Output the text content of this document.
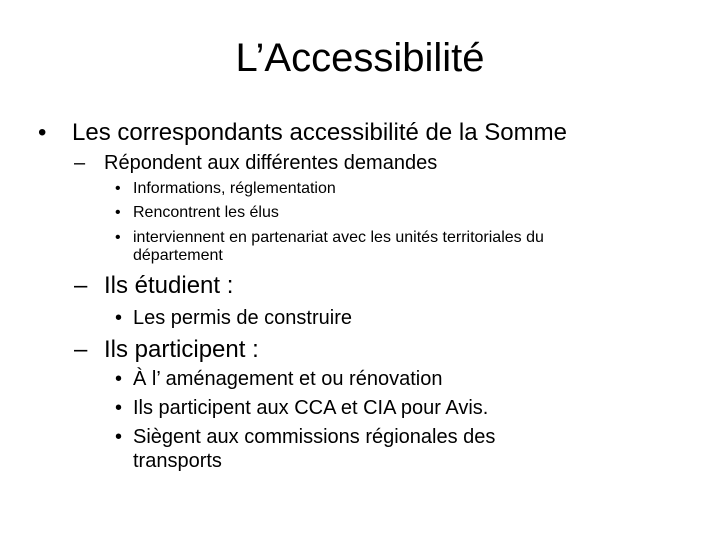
L’Accessibilité
• Les correspondants accessibilité de la Somme
– Répondent aux différentes demandes
• Informations, réglementation
• Rencontrent les élus
• interviennent en partenariat avec les unités territoriales du
département
– Ils étudient :
• Les permis de construire
– Ils participent :
• À l’ aménagement et ou rénovation
• Ils participent aux CCA et CIA pour Avis.
• Siègent aux commissions régionales des
transports
